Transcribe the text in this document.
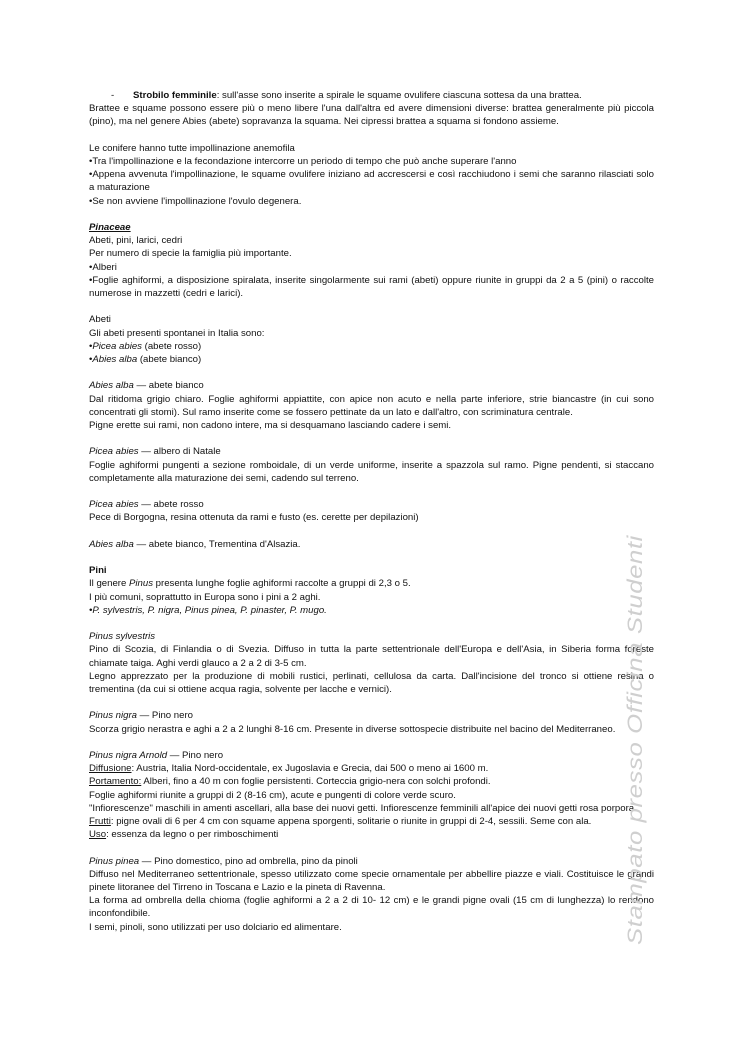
- Strobilo femminile: sull'asse sono inserite a spirale le squame ovulifere ciascuna sottesa da una brattea.

Brattee e squame possono essere più o meno libere l'una dall'altra ed avere dimensioni diverse: brattea generalmente più piccola (pino), ma nel genere Abies (abete) sopravanza la squama. Nei cipressi brattea a squama si fondono assieme.

Le conifere hanno tutte impollinazione anemofila

•Tra l'impollinazione e la fecondazione intercorre un periodo di tempo che può anche superare l'anno

•Appena avvenuta l'impollinazione, le squame ovulifere iniziano ad accrescersi e così racchiudono i semi che saranno rilasciati solo a maturazione

•Se non avviene l'impollinazione l'ovulo degenera.

Pinaceae

Abeti, pini, larici, cedri

Per numero di specie la famiglia più importante.

•Alberi

•Foglie aghiformi, a disposizione spiralata, inserite singolarmente sui rami (abeti) oppure riunite in gruppi da 2 a 5 (pini) o raccolte numerose in mazzetti (cedri e larici).

Abeti

Gli abeti presenti spontanei in Italia sono:

•Picea abies (abete rosso)

•Abies alba (abete bianco)

Abies alba — abete bianco

Dal ritidoma grigio chiaro. Foglie aghiformi appiattite, con apice non acuto e nella parte inferiore, strie biancastre (in cui sono concentrati gli stomi). Sul ramo inserite come se fossero pettinate da un lato e dall'altro, con scriminatura centrale.

Pigne erette sui rami, non cadono intere, ma si desquamano lasciando cadere i semi.

Picea abies — albero di Natale

Foglie aghiformi pungenti a sezione romboidale, di un verde uniforme, inserite a spazzola sul ramo. Pigne pendenti, si staccano completamente alla maturazione dei semi, cadendo sul terreno.

Picea abies — abete rosso

Pece di Borgogna, resina ottenuta da rami e fusto (es. cerette per depilazioni)

Abies alba — abete bianco, Trementina d'Alsazia.

Pini

Il genere Pinus presenta lunghe foglie aghiformi raccolte a gruppi di 2,3 o 5.

I più comuni, soprattutto in Europa sono i pini a 2 aghi.

•P. sylvestris, P. nigra, Pinus pinea, P. pinaster, P. mugo.

Pinus sylvestris

Pino di Scozia, di Finlandia o di Svezia. Diffuso in tutta la parte settentrionale dell'Europa e dell'Asia, in Siberia forma foreste chiamate taiga. Aghi verdi glauco a 2 a 2 di 3-5 cm.

Legno apprezzato per la produzione di mobili rustici, perlinati, cellulosa da carta. Dall'incisione del tronco si ottiene resina o trementina (da cui si ottiene acqua ragia, solvente per lacche e vernici).

Pinus nigra — Pino nero

Scorza grigio nerastra e aghi a 2 a 2 lunghi 8-16 cm. Presente in diverse sottospecie distribuite nel bacino del Mediterraneo.

Pinus nigra Arnold — Pino nero

Diffusione: Austria, Italia Nord-occidentale, ex Jugoslavia e Grecia, dai 500 o meno ai 1600 m.

Portamento: Alberi, fino a 40 m con foglie persistenti. Corteccia grigio-nera con solchi profondi.

Foglie aghiformi riunite a gruppi di 2 (8-16 cm), acute e pungenti di colore verde scuro.

"Infiorescenze" maschili in amenti ascellari, alla base dei nuovi getti. Infiorescenze femminili all'apice dei nuovi getti rosa porpora.

Frutti: pigne ovali di 6 per 4 cm con squame appena sporgenti, solitarie o riunite in gruppi di 2-4, sessili. Seme con ala.

Uso: essenza da legno o per rimboschimenti

Pinus pinea — Pino domestico, pino ad ombrella, pino da pinoli

Diffuso nel Mediterraneo settentrionale, spesso utilizzato come specie ornamentale per abbellire piazze e viali. Costituisce le grandi pinete litoranee del Tirreno in Toscana e Lazio e la pineta di Ravenna.

La forma ad ombrella della chioma (foglie aghiformi a 2 a 2 di 10- 12 cm) e le grandi pigne ovali (15 cm di lunghezza) lo rendono inconfondibile.

I semi, pinoli, sono utilizzati per uso dolciario ed alimentare.	Stampato presso Officina Studenti
